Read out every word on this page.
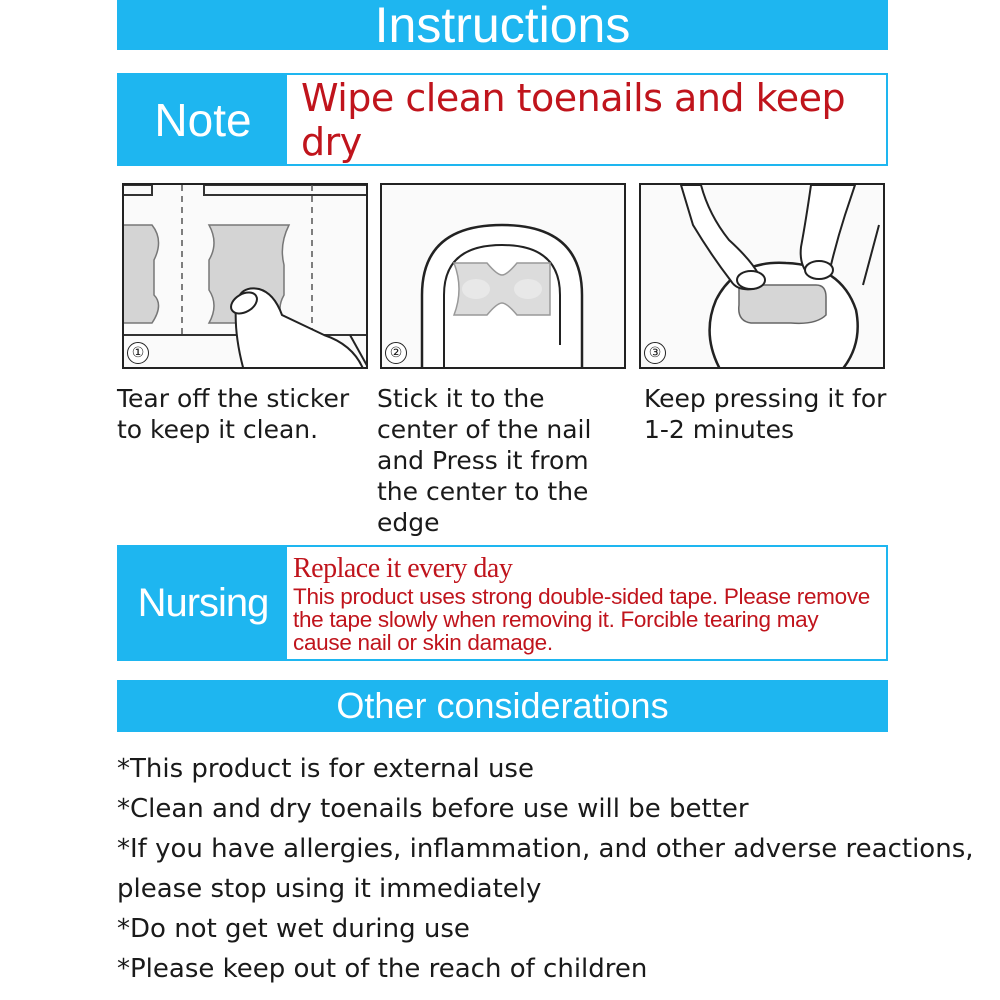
Instructions
Note	Wipe clean toenails and keep dry
①	②	③
Tear off the sticker to keep it clean.
Stick it to the center of the nail and Press it from the center to the edge
Keep pressing it for 1-2 minutes
Nursing
Replace it every day
This product uses strong double-sided tape. Please remove the tape slowly when removing it. Forcible tearing may cause nail or skin damage.
Other considerations
*This product is for external use
*Clean and dry toenails before use will be better
*If you have allergies, inflammation, and other adverse reactions, please stop using it immediately
*Do not get wet during use
*Please keep out of the reach of children
